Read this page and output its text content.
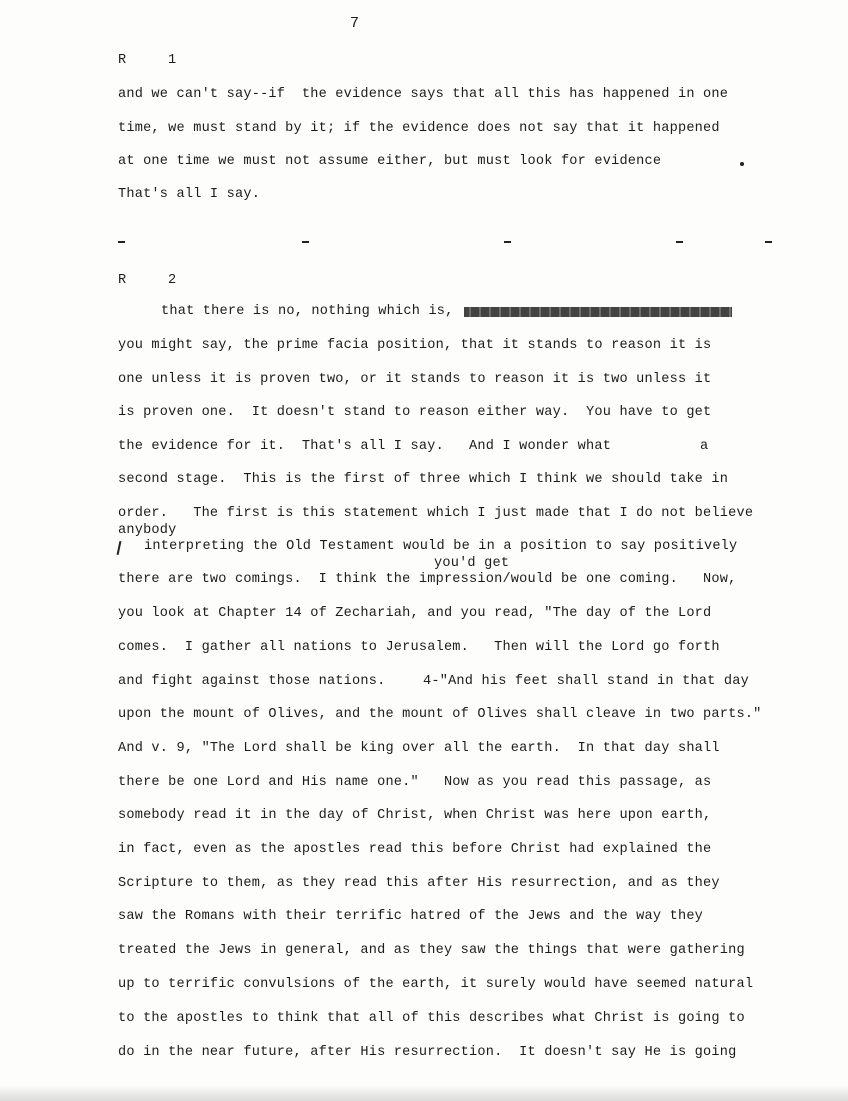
7
R	1
and we can't say--if  the evidence says that all this has happened in one
time, we must stand by it; if the evidence does not say that it happened
at one time we must not assume either, but must look for evidence
That's all I say.
R	2
that there is no, nothing which is,
you might say, the prime facia position, that it stands to reason it is
one unless it is proven two, or it stands to reason it is two unless it
is proven one.  It doesn't stand to reason either way.  You have to get
the evidence for it.  That's all I say.   And I wonder what	a
second stage.  This is the first of three which I think we should take in
order.   The first is this statement which I just made that I do not believe
anybody
interpreting the Old Testament would be in a position to say positively
you'd get
there are two comings.  I think the impression/would be one coming.   Now,
you look at Chapter 14 of Zechariah, and you read, "The day of the Lord
comes.  I gather all nations to Jerusalem.   Then will the Lord go forth
and fight against those nations.	4-"And his feet shall stand in that day
upon the mount of Olives, and the mount of Olives shall cleave in two parts."
And v. 9, "The Lord shall be king over all the earth.  In that day shall
there be one Lord and His name one."   Now as you read this passage, as
somebody read it in the day of Christ, when Christ was here upon earth,
in fact, even as the apostles read this before Christ had explained the
Scripture to them, as they read this after His resurrection, and as they
saw the Romans with their terrific hatred of the Jews and the way they
treated the Jews in general, and as they saw the things that were gathering
up to terrific convulsions of the earth, it surely would have seemed natural
to the apostles to think that all of this describes what Christ is going to
do in the near future, after His resurrection.  It doesn't say He is going
